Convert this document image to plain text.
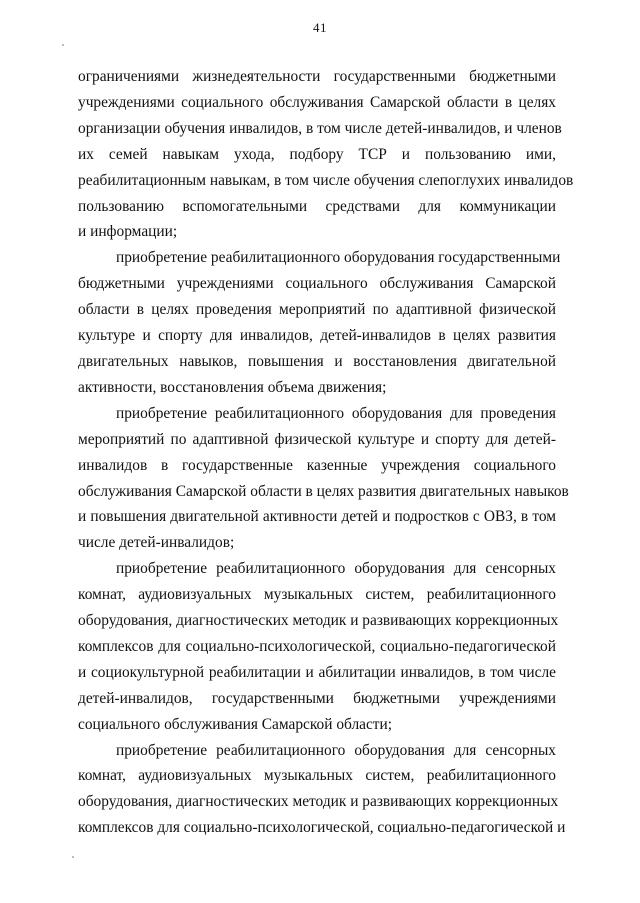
41
ограничениями жизнедеятельности государственными бюджетными
учреждениями социального обслуживания Самарской области в целях
организации обучения инвалидов, в том числе детей-инвалидов, и членов
их семей навыкам ухода, подбору ТСР и пользованию ими,
реабилитационным навыкам, в том числе обучения слепоглухих инвалидов
пользованию вспомогательными средствами для коммуникации
и информации;
приобретение реабилитационного оборудования государственными
бюджетными учреждениями социального обслуживания Самарской
области в целях проведения мероприятий по адаптивной физической
культуре и спорту для инвалидов, детей-инвалидов в целях развития
двигательных навыков, повышения и восстановления двигательной
активности, восстановления объема движения;
приобретение реабилитационного оборудования для проведения
мероприятий по адаптивной физической культуре и спорту для детей-
инвалидов в государственные казенные учреждения социального
обслуживания Самарской области в целях развития двигательных навыков
и повышения двигательной активности детей и подростков с ОВЗ, в том
числе детей-инвалидов;
приобретение реабилитационного оборудования для сенсорных
комнат, аудиовизуальных музыкальных систем, реабилитационного
оборудования, диагностических методик и развивающих коррекционных
комплексов для социально-психологической, социально-педагогической
и социокультурной реабилитации и абилитации инвалидов, в том числе
детей-инвалидов, государственными бюджетными учреждениями
социального обслуживания Самарской области;
приобретение реабилитационного оборудования для сенсорных
комнат, аудиовизуальных музыкальных систем, реабилитационного
оборудования, диагностических методик и развивающих коррекционных
комплексов для социально-психологической, социально-педагогической и
